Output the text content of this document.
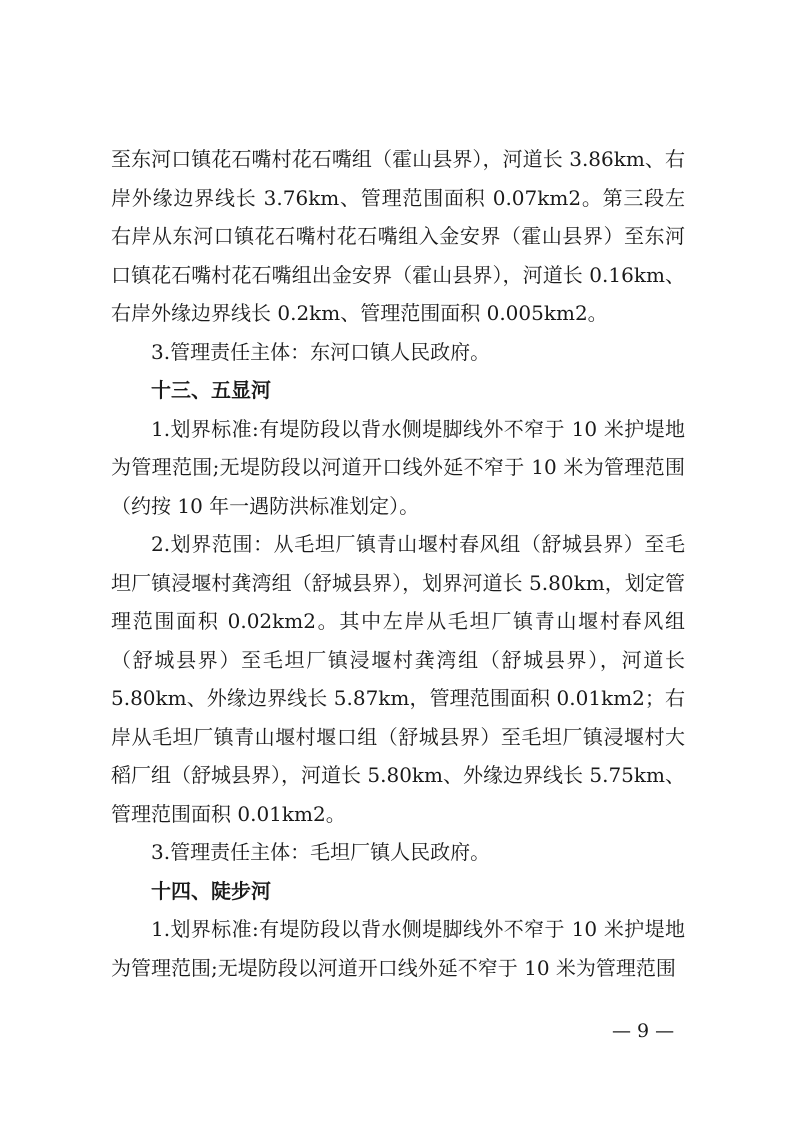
至东河口镇花石嘴村花石嘴组（霍山县界），河道长 3.86km、右岸外缘边界线长 3.76km、管理范围面积 0.07km2。第三段左右岸从东河口镇花石嘴村花石嘴组入金安界（霍山县界）至东河口镇花石嘴村花石嘴组出金安界（霍山县界），河道长 0.16km、右岸外缘边界线长 0.2km、管理范围面积 0.005km2。

3.管理责任主体：东河口镇人民政府。

十三、五显河

1.划界标准:有堤防段以背水侧堤脚线外不窄于 10 米护堤地为管理范围;无堤防段以河道开口线外延不窄于 10 米为管理范围（约按 10 年一遇防洪标准划定）。

2.划界范围：从毛坦厂镇青山堰村春风组（舒城县界）至毛坦厂镇浸堰村龚湾组（舒城县界），划界河道长 5.80km，划定管理范围面积 0.02km2。其中左岸从毛坦厂镇青山堰村春风组（舒城县界）至毛坦厂镇浸堰村龚湾组（舒城县界），河道长 5.80km、外缘边界线长 5.87km，管理范围面积 0.01km2；右岸从毛坦厂镇青山堰村堰口组（舒城县界）至毛坦厂镇浸堰村大稻厂组（舒城县界），河道长 5.80km、外缘边界线长 5.75km、管理范围面积 0.01km2。

3.管理责任主体：毛坦厂镇人民政府。

十四、陡步河

1.划界标准:有堤防段以背水侧堤脚线外不窄于 10 米护堤地为管理范围;无堤防段以河道开口线外延不窄于 10 米为管理范围

— 9 —
